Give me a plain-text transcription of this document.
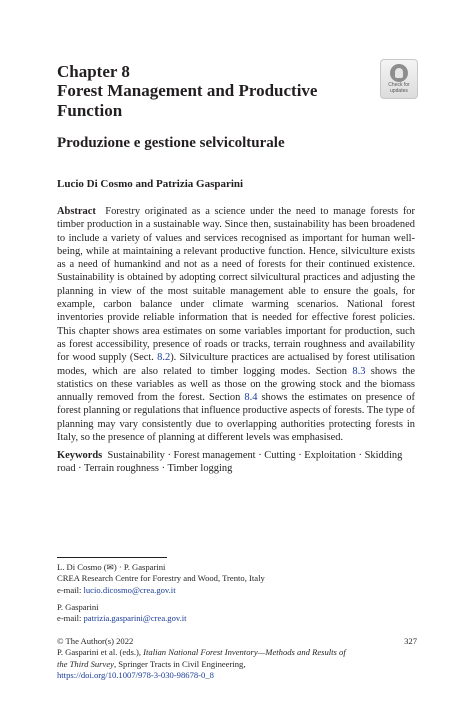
Chapter 8
Forest Management and Productive Function
Check for
updates
Produzione e gestione selvicolturale
Lucio Di Cosmo and Patrizia Gasparini
Abstract Forestry originated as a science under the need to manage forests for timber production in a sustainable way. Since then, sustainability has been broadened to include a variety of values and services recognised as important for human well-being, while at maintaining a relevant productive function. Hence, silviculture exists as a need of humankind and not as a need of forests for their continued existence. Sustainability is obtained by adopting correct silvicultural practices and adjusting the planning in view of the most suitable management able to ensure the goals, for example, carbon balance under climate warming scenarios. National forest inventories provide reliable information that is needed for effective forest policies. This chapter shows area estimates on some variables important for production, such as forest accessibility, presence of roads or tracks, terrain roughness and availability for wood supply (Sect. 8.2). Silviculture practices are actualised by forest utilisation modes, which are also related to timber logging modes. Section 8.3 shows the statistics on these variables as well as those on the growing stock and the biomass annually removed from the forest. Section 8.4 shows the estimates on presence of forest planning or regulations that influence productive aspects of forests. The type of planning may vary consistently due to overlapping authorities protecting forests in Italy, so the presence of planning at different levels was emphasised.
Keywords Sustainability · Forest management · Cutting · Exploitation · Skidding road · Terrain roughness · Timber logging
L. Di Cosmo (✉) · P. Gasparini
CREA Research Centre for Forestry and Wood, Trento, Italy
e-mail: lucio.dicosmo@crea.gov.it
P. Gasparini
e-mail: patrizia.gasparini@crea.gov.it
© The Author(s) 2022
P. Gasparini et al. (eds.), Italian National Forest Inventory—Methods and Results of the Third Survey, Springer Tracts in Civil Engineering,
https://doi.org/10.1007/978-3-030-98678-0_8
327
